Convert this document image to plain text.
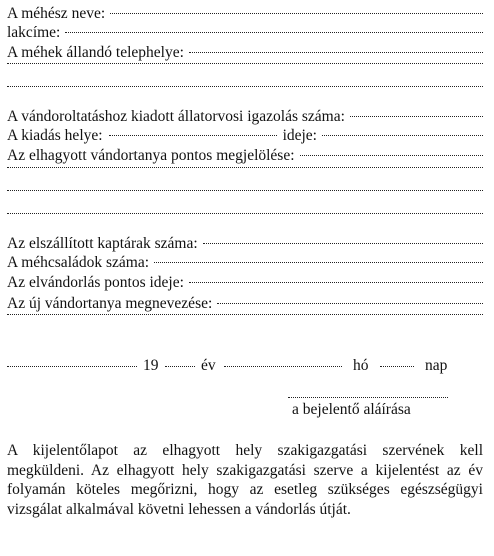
A méhész neve:
lakcíme:
A méhek állandó telephelye:
A vándoroltatáshoz kiadott állatorvosi igazolás száma:
A kiadás helye:	ideje:
Az elhagyott vándortanya pontos megjelölése:
Az elszállított kaptárak száma:
A méhcsaládok száma:
Az elvándorlás pontos ideje:
Az új vándortanya megnevezése:
19	év	hó	nap
a bejelentő aláírása

A kijelentőlapot az elhagyott hely szakigazgatási szervének kell megküldeni. Az elhagyott hely szakigazgatási szerve a kijelentést az év folyamán köteles megőrizni, hogy az esetleg szükséges egészségügyi vizsgálat alkalmával követni lehessen a vándorlás útját.
